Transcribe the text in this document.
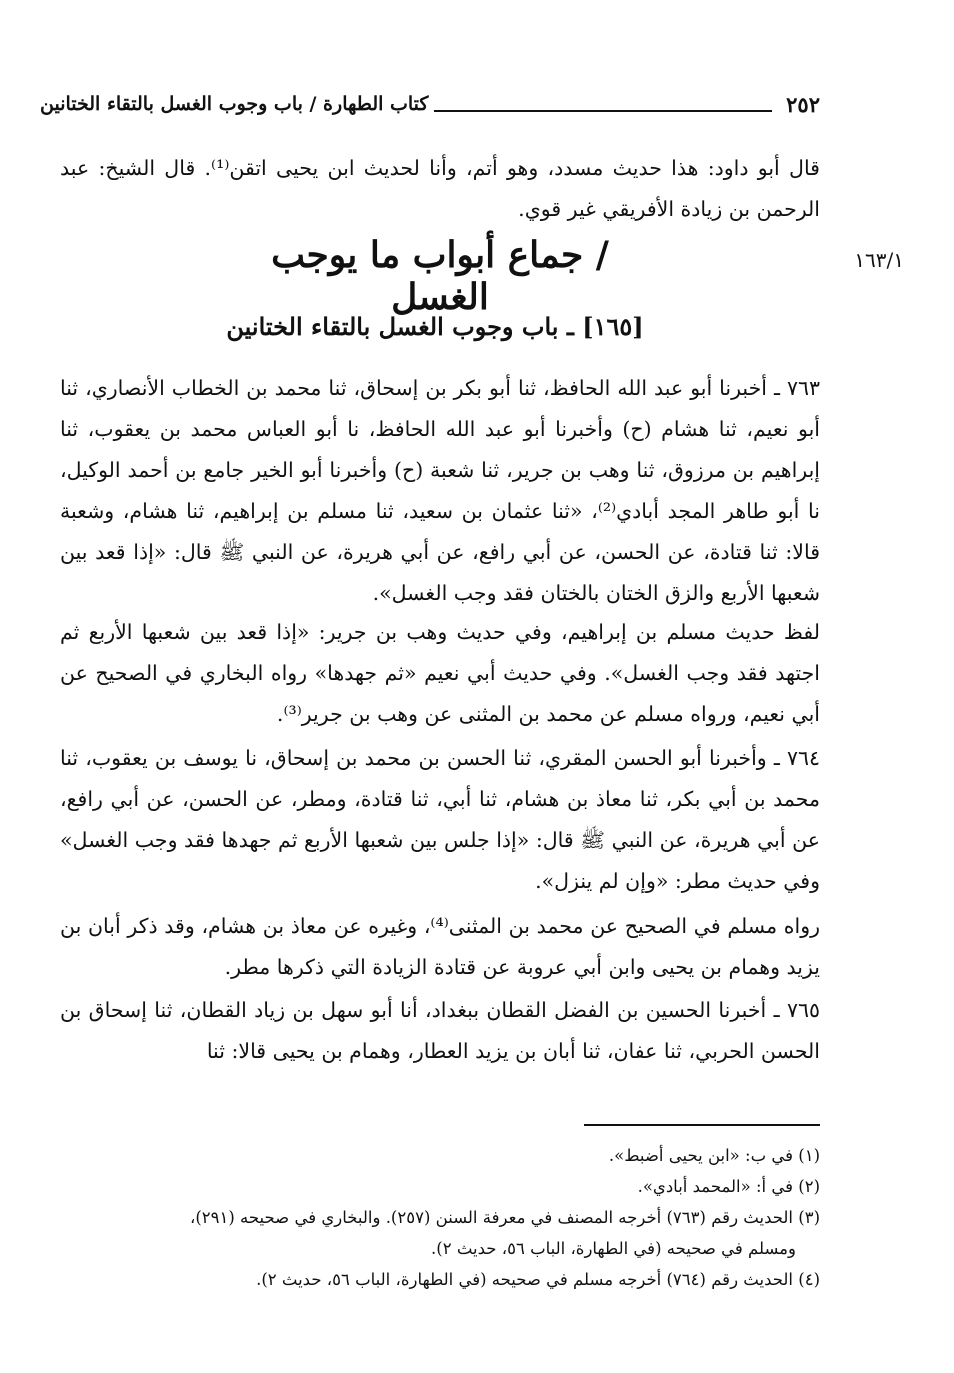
٢٥٢
كتاب الطهارة / باب وجوب الغسل بالتقاء الختانين
قال أبو داود: هذا حديث مسدد، وهو أتم، وأنا لحديث ابن يحيى اتقن⁽¹⁾. قال الشيخ: عبد الرحمن بن زيادة الأفريقي غير قوي.
١٦٣/١
/ جماع أبواب ما يوجب الغسل
[١٦٥] ـ باب وجوب الغسل بالتقاء الختانين
٧٦٣ ـ أخبرنا أبو عبد الله الحافظ، ثنا أبو بكر بن إسحاق، ثنا محمد بن الخطاب الأنصاري، ثنا أبو نعيم، ثنا هشام (ح) وأخبرنا أبو عبد الله الحافظ، نا أبو العباس محمد بن يعقوب، ثنا إبراهيم بن مرزوق، ثنا وهب بن جرير، ثنا شعبة (ح) وأخبرنا أبو الخير جامع بن أحمد الوكيل، نا أبو طاهر المجد أبادي⁽²⁾، «ثنا عثمان بن سعيد، ثنا مسلم بن إبراهيم، ثنا هشام، وشعبة قالا: ثنا قتادة، عن الحسن، عن أبي رافع، عن أبي هريرة، عن النبي ﷺ قال: «إذا قعد بين شعبها الأربع والزق الختان بالختان فقد وجب الغسل».
لفظ حديث مسلم بن إبراهيم، وفي حديث وهب بن جرير: «إذا قعد بين شعبها الأربع ثم اجتهد فقد وجب الغسل». وفي حديث أبي نعيم «ثم جهدها» رواه البخاري في الصحيح عن أبي نعيم، ورواه مسلم عن محمد بن المثنى عن وهب بن جرير⁽³⁾.
٧٦٤ ـ وأخبرنا أبو الحسن المقري، ثنا الحسن بن محمد بن إسحاق، نا يوسف بن يعقوب، ثنا محمد بن أبي بكر، ثنا معاذ بن هشام، ثنا أبي، ثنا قتادة، ومطر، عن الحسن، عن أبي رافع، عن أبي هريرة، عن النبي ﷺ قال: «إذا جلس بين شعبها الأربع ثم جهدها فقد وجب الغسل» وفي حديث مطر: «وإن لم ينزل».
رواه مسلم في الصحيح عن محمد بن المثنى⁽⁴⁾، وغيره عن معاذ بن هشام، وقد ذكر أبان بن يزيد وهمام بن يحيى وابن أبي عروبة عن قتادة الزيادة التي ذكرها مطر.
٧٦٥ ـ أخبرنا الحسين بن الفضل القطان ببغداد، أنا أبو سهل بن زياد القطان، ثنا إسحاق بن الحسن الحربي، ثنا عفان، ثنا أبان بن يزيد العطار، وهمام بن يحيى قالا: ثنا
(١) في ب: «ابن يحيى أضبط».
(٢) في أ: «المحمد أبادي».
(٣) الحديث رقم (٧٦٣) أخرجه المصنف في معرفة السنن (٢٥٧). والبخاري في صحيحه (٢٩١)،
ومسلم في صحيحه (في الطهارة، الباب ٥٦، حديث ٢).
(٤) الحديث رقم (٧٦٤) أخرجه مسلم في صحيحه (في الطهارة، الباب ٥٦، حديث ٢).
